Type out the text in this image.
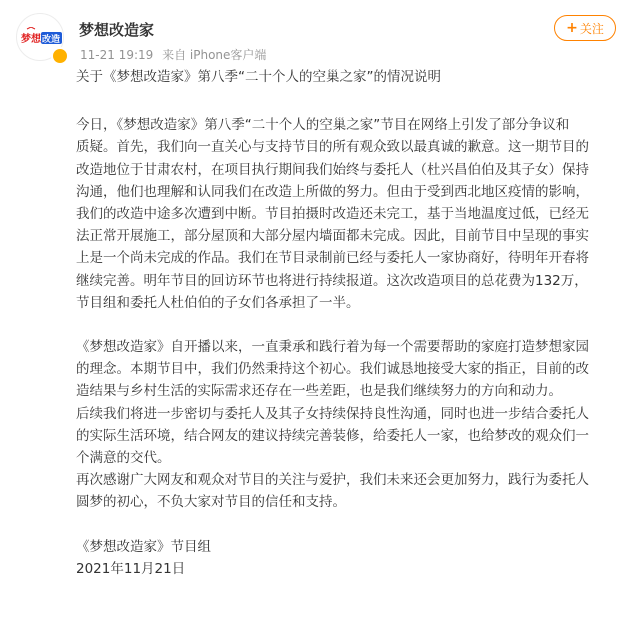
梦想 改造
梦想改造家
11-21 19:19 来自 iPhone客户端
+ 关注

关于《梦想改造家》第八季“二十个人的空巢之家”的情况说明

今日，《梦想改造家》第八季“二十个人的空巢之家”节目在网络上引发了部分争议和

质疑。首先，我们向一直关心与支持节目的所有观众致以最真诚的歉意。这一期节目的

改造地位于甘肃农村，在项目执行期间我们始终与委托人（杜兴昌伯伯及其子女）保持

沟通，他们也理解和认同我们在改造上所做的努力。但由于受到西北地区疫情的影响，

我们的改造中途多次遭到中断。节目拍摄时改造还未完工，基于当地温度过低，已经无

法正常开展施工，部分屋顶和大部分屋内墙面都未完成。因此，目前节目中呈现的事实

上是一个尚未完成的作品。我们在节目录制前已经与委托人一家协商好，待明年开春将

继续完善。明年节目的回访环节也将进行持续报道。这次改造项目的总花费为132万，

节目组和委托人杜伯伯的子女们各承担了一半。

《梦想改造家》自开播以来，一直秉承和践行着为每一个需要帮助的家庭打造梦想家园

的理念。本期节目中，我们仍然秉持这个初心。我们诚恳地接受大家的指正，目前的改

造结果与乡村生活的实际需求还存在一些差距，也是我们继续努力的方向和动力。

后续我们将进一步密切与委托人及其子女持续保持良性沟通，同时也进一步结合委托人

的实际生活环境，结合网友的建议持续完善装修，给委托人一家，也给梦改的观众们一

个满意的交代。

再次感谢广大网友和观众对节目的关注与爱护，我们未来还会更加努力，践行为委托人

圆梦的初心，不负大家对节目的信任和支持。

《梦想改造家》节目组

2021年11月21日
